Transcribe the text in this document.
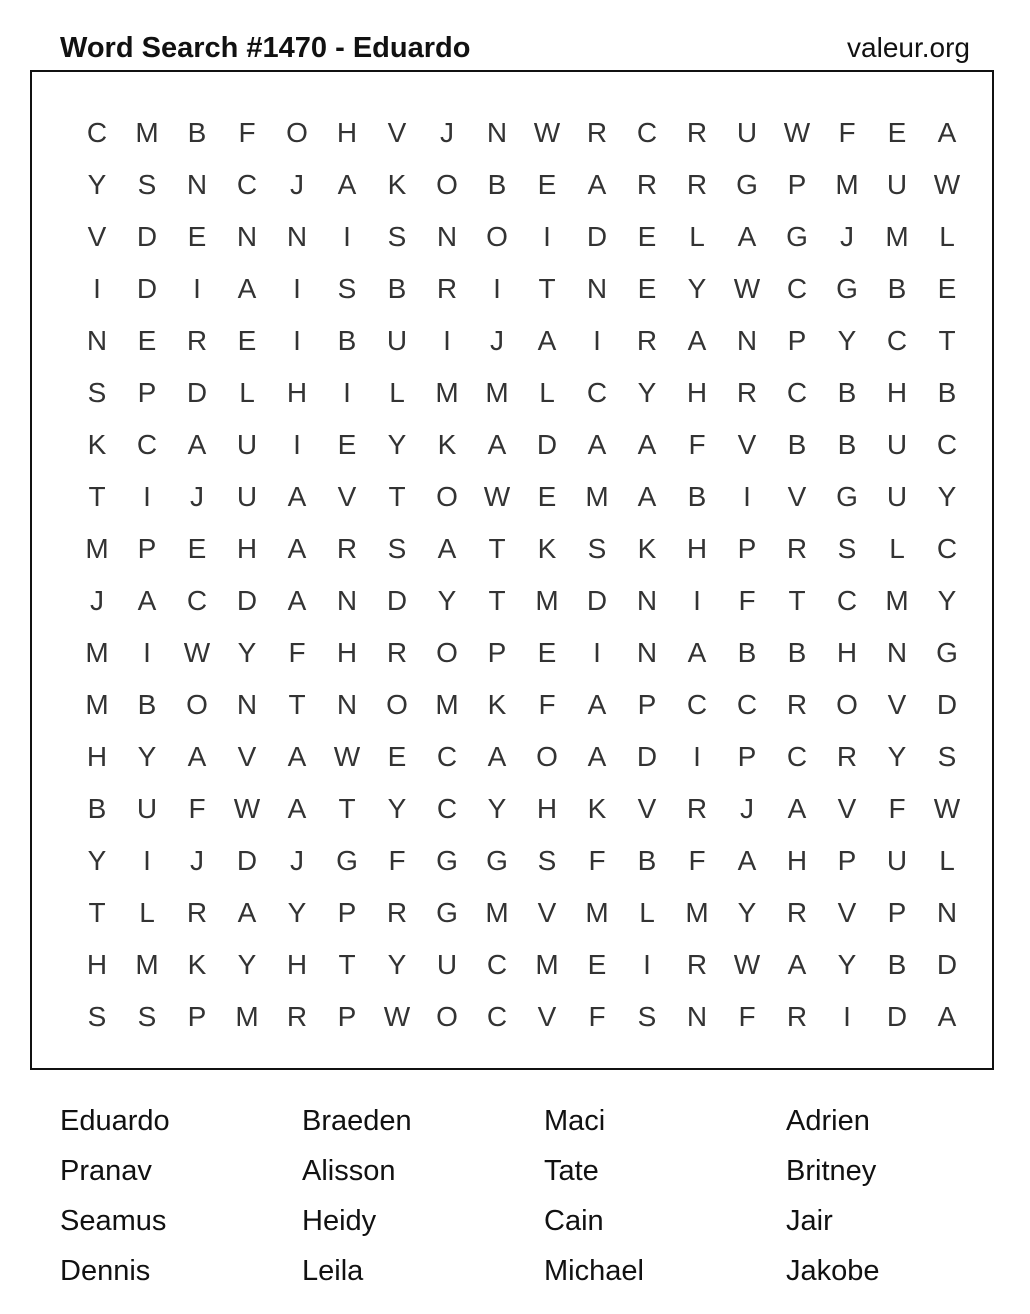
Word Search #1470 - Eduardo	valeur.org
C	M	B	F	O	H	V	J	N W R	C	R	U W	F	E	A
Y	S	N	C	J	A	K	O	B	E	A	R	R	G	P	M	U W
V	D	E	N	N	I	S	N	O	I	D	E	L	A	G	J	M	L
I	D	I	A	I	S	B	R	I	T	N	E	Y W C	G	B	E
N	E	R	E	I	B	U	I	J	A	I	R	A	N	P	Y	C	T
S	P	D	L	H	I	L	M M	L	C	Y	H	R	C	B	H	B
K	C	A	U	I	E	Y	K	A	D	A	A	F	V	B	B	U	C
T	I	J	U	A	V	T	O W E	M	A	B	I	V	G	U	Y
M	P	E	H	A	R	S	A	T	K	S	K	H	P	R	S	L	C
J	A	C	D	A	N	D	Y	T	M	D	N	I	F	T	C	M	Y
M	I	W Y	F	H	R	O	P	E	I	N	A	B	B	H	N	G
M	B	O	N	T	N	O M	K	F	A	P	C	C	R	O	V	D
H	Y	A	V	A W E	C	A	O	A	D	I	P	C	R	Y	S
B	U	F	W A	T	Y	C	Y	H	K	V	R	J	A	V	F	W
Y	I	J	D	J	G	F	G	G	S	F	B	F	A	H	P	U	L
T	L	R	A	Y	P	R	G M	V	M	L	M	Y	R	V	P	N
H	M	K	Y	H	T	Y	U	C	M	E	I	R W A	Y	B	D
S	S	P	M	R	P W O	C	V	F	S	N	F	R	I	D	A
Eduardo	Braeden	Maci	Adrien
Pranav	Alisson	Tate	Britney
Seamus	Heidy	Cain	Jair
Dennis	Leila	Michael	Jakobe
